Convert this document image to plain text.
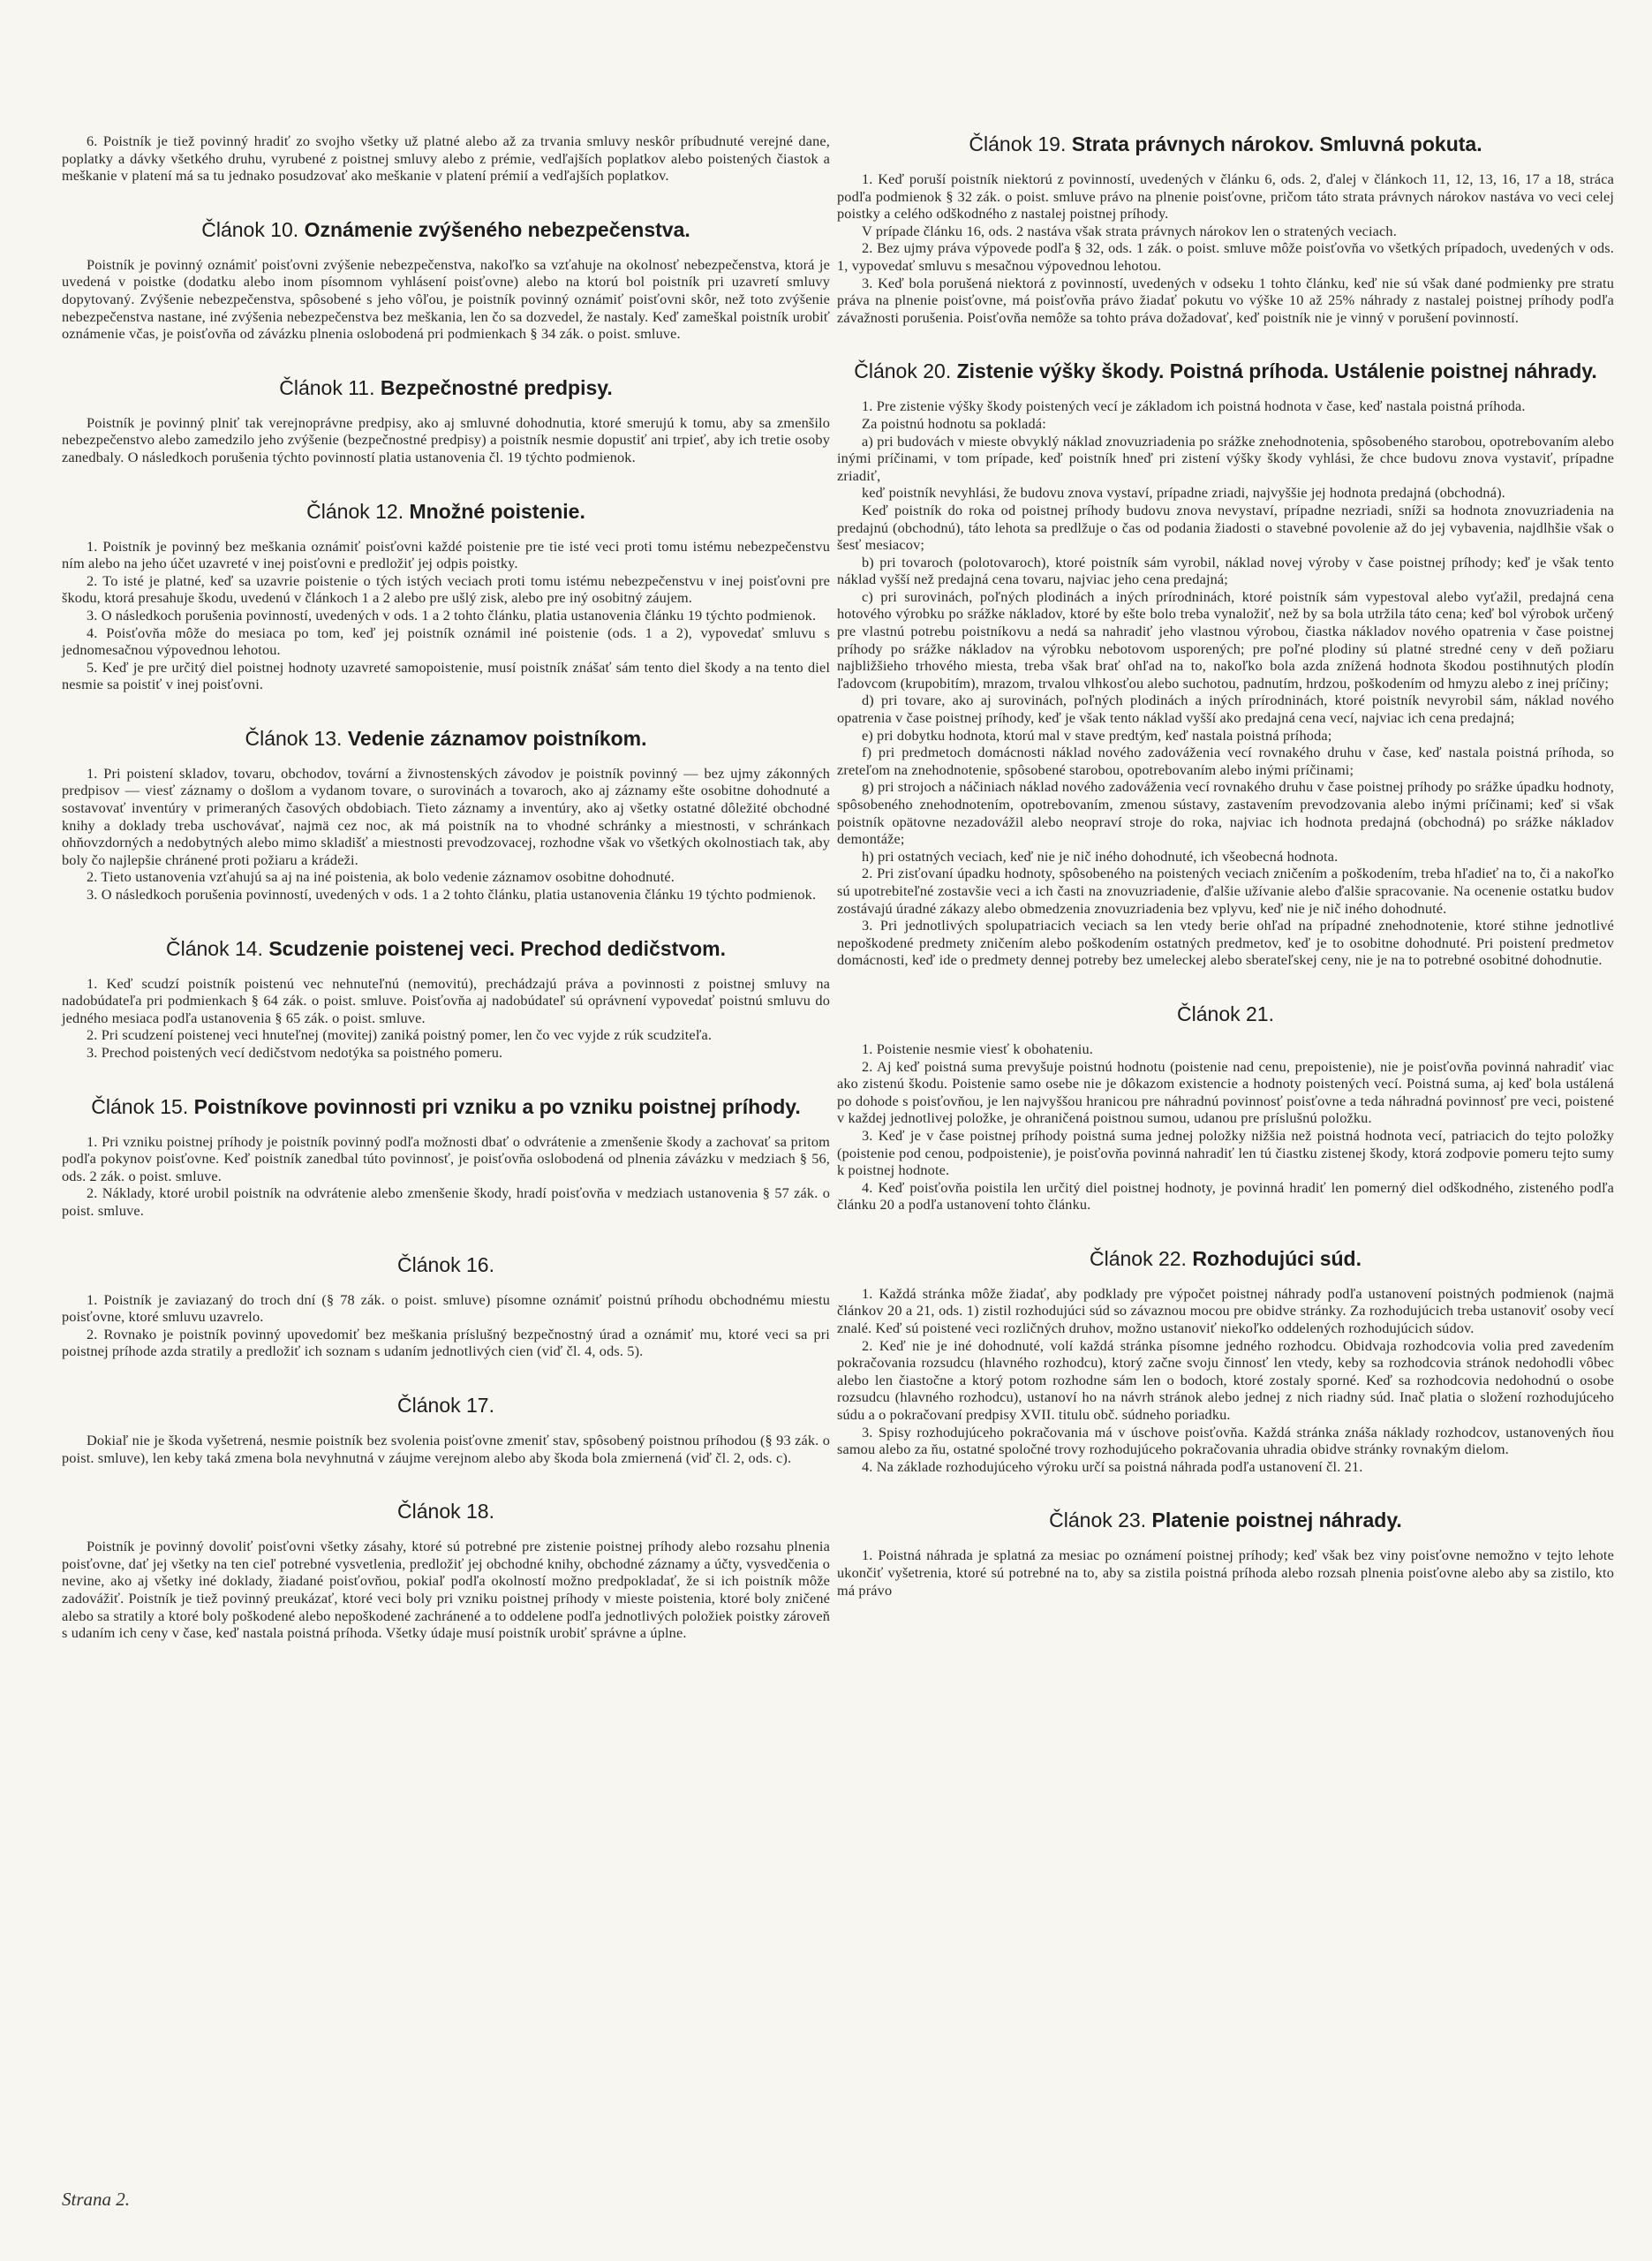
6. Poistník je tiež povinný hradiť zo svojho všetky už platné alebo až za trvania smluvy neskôr príbudnuté verejné dane, poplatky a dávky všetkého druhu, vyrubené z poistnej smluvy alebo z prémie, vedľajších poplatkov alebo poistených čiastok a meškanie v platení má sa tu jednako posudzovať ako meškanie v platení prémií a vedľajších poplatkov.

Článok 10. Oznámenie zvýšeného nebezpečenstva.

Poistník je povinný oznámiť poisťovni zvýšenie nebezpečenstva, nakoľko sa vzťahuje na okolnosť nebezpečenstva, ktorá je uvedená v poistke (dodatku alebo inom písomnom vyhlásení poisťovne) alebo na ktorú bol poistník pri uzavretí smluvy dopytovaný. Zvýšenie nebezpečenstva, spôsobené s jeho vôľou, je poistník povinný oznámiť poisťovni skôr, než toto zvýšenie nebezpečenstva nastane, iné zvýšenia nebezpečenstva bez meškania, len čo sa dozvedel, že nastaly. Keď zameškal poistník urobiť oznámenie včas, je poisťovňa od závázku plnenia oslobodená pri podmienkach § 34 zák. o poist. smluve.

Článok 11. Bezpečnostné predpisy.

Poistník je povinný plniť tak verejnoprávne predpisy, ako aj smluvné dohodnutia, ktoré smerujú k tomu, aby sa zmenšilo nebezpečenstvo alebo zamedzilo jeho zvýšenie (bezpečnostné predpisy) a poistník nesmie dopustiť ani trpieť, aby ich tretie osoby zanedbaly. O následkoch porušenia týchto povinností platia ustanovenia čl. 19 týchto podmienok.

Článok 12. Množné poistenie.

1. Poistník je povinný bez meškania oznámiť poisťovni každé poistenie pre tie isté veci proti tomu istému nebezpečenstvu ním alebo na jeho účet uzavreté v inej poisťovni e predložiť jej odpis poistky.

2. To isté je platné, keď sa uzavrie poistenie o tých istých veciach proti tomu istému nebezpečenstvu v inej poisťovni pre škodu, ktorá presahuje škodu, uvedenú v článkoch 1 a 2 alebo pre ušlý zisk, alebo pre iný osobitný záujem.

3. O následkoch porušenia povinností, uvedených v ods. 1 a 2 tohto článku, platia ustanovenia článku 19 týchto podmienok.

4. Poisťovňa môže do mesiaca po tom, keď jej poistník oznámil iné poistenie (ods. 1 a 2), vypovedať smluvu s jednomesačnou výpovednou lehotou.

5. Keď je pre určitý diel poistnej hodnoty uzavreté samopoistenie, musí poistník znášať sám tento diel škody a na tento diel nesmie sa poistiť v inej poisťovni.

Článok 13. Vedenie záznamov poistníkom.

1. Pri poistení skladov, tovaru, obchodov, tovární a živnostenských závodov je poistník povinný — bez ujmy zákonných predpisov — viesť záznamy o došlom a vydanom tovare, o surovinách a tovaroch, ako aj záznamy ešte osobitne dohodnuté a sostavovať inventúry v primeraných časových obdobiach. Tieto záznamy a inventúry, ako aj všetky ostatné dôležité obchodné knihy a doklady treba uschovávať, najmä cez noc, ak má poistník na to vhodné schránky a miestnosti, v schránkach ohňovzdorných a nedobytných alebo mimo skladišť a miestnosti prevodzovacej, rozhodne však vo všetkých okolnostiach tak, aby boly čo najlepšie chránené proti požiaru a krádeži.

2. Tieto ustanovenia vzťahujú sa aj na iné poistenia, ak bolo vedenie záznamov osobitne dohodnuté.

3. O následkoch porušenia povinností, uvedených v ods. 1 a 2 tohto článku, platia ustanovenia článku 19 týchto podmienok.

Článok 14. Scudzenie poistenej veci. Prechod dedičstvom.

1. Keď scudzí poistník poistenú vec nehnuteľnú (nemovitú), prechádzajú práva a povinnosti z poistnej smluvy na nadobúdateľa pri podmienkach § 64 zák. o poist. smluve. Poisťovňa aj nadobúdateľ sú oprávnení vypovedať poistnú smluvu do jedného mesiaca podľa ustanovenia § 65 zák. o poist. smluve.

2. Pri scudzení poistenej veci hnuteľnej (movitej) zaniká poistný pomer, len čo vec vyjde z rúk scudziteľa.

3. Prechod poistených vecí dedičstvom nedotýka sa poistného pomeru.

Článok 15. Poistníkove povinnosti pri vzniku a po vzniku poistnej príhody.

1. Pri vzniku poistnej príhody je poistník povinný podľa možnosti dbať o odvrátenie a zmenšenie škody a zachovať sa pritom podľa pokynov poisťovne. Keď poistník zanedbal túto povinnosť, je poisťovňa oslobodená od plnenia závázku v medziach § 56, ods. 2 zák. o poist. smluve.

2. Náklady, ktoré urobil poistník na odvrátenie alebo zmenšenie škody, hradí poisťovňa v medziach ustanovenia § 57 zák. o poist. smluve.

Článok 16.

1. Poistník je zaviazaný do troch dní (§ 78 zák. o poist. smluve) písomne oznámiť poistnú príhodu obchodnému miestu poisťovne, ktoré smluvu uzavrelo.

2. Rovnako je poistník povinný upovedomiť bez meškania príslušný bezpečnostný úrad a oznámiť mu, ktoré veci sa pri poistnej príhode azda stratily a predložiť ich soznam s udaním jednotlivých cien (viď čl. 4, ods. 5).

Článok 17.

Dokiaľ nie je škoda vyšetrená, nesmie poistník bez svolenia poisťovne zmeniť stav, spôsobený poistnou príhodou (§ 93 zák. o poist. smluve), len keby taká zmena bola nevyhnutná v záujme verejnom alebo aby škoda bola zmiernená (viď čl. 2, ods. c).

Článok 18.

Poistník je povinný dovoliť poisťovni všetky zásahy, ktoré sú potrebné pre zistenie poistnej príhody alebo rozsahu plnenia poisťovne, dať jej všetky na ten cieľ potrebné vysvetlenia, predložiť jej obchodné knihy, obchodné záznamy a účty, vysvedčenia o nevine, ako aj všetky iné doklady, žiadané poisťovňou, pokiaľ podľa okolností možno predpokladať, že si ich poistník môže zadovážiť. Poistník je tiež povinný preukázať, ktoré veci boly pri vzniku poistnej príhody v mieste poistenia, ktoré boly zničené alebo sa stratily a ktoré boly poškodené alebo nepoškodené zachránené a to oddelene podľa jednotlivých položiek poistky zároveň s udaním ich ceny v čase, keď nastala poistná príhoda. Všetky údaje musí poistník urobiť správne a úplne.

Článok 19. Strata právnych nárokov. Smluvná pokuta.

1. Keď poruší poistník niektorú z povinností, uvedených v článku 6, ods. 2, ďalej v článkoch 11, 12, 13, 16, 17 a 18, stráca podľa podmienok § 32 zák. o poist. smluve právo na plnenie poisťovne, pričom táto strata právnych nárokov nastáva vo veci celej poistky a celého odškodného z nastalej poistnej príhody.

V prípade článku 16, ods. 2 nastáva však strata právnych nárokov len o stratených veciach.

2. Bez ujmy práva výpovede podľa § 32, ods. 1 zák. o poist. smluve môže poisťovňa vo všetkých prípadoch, uvedených v ods. 1, vypovedať smluvu s mesačnou výpovednou lehotou.

3. Keď bola porušená niektorá z povinností, uvedených v odseku 1 tohto článku, keď nie sú však dané podmienky pre stratu práva na plnenie poisťovne, má poisťovňa právo žiadať pokutu vo výške 10 až 25% náhrady z nastalej poistnej príhody podľa závažnosti porušenia. Poisťovňa nemôže sa tohto práva dožadovať, keď poistník nie je vinný v porušení povinností.

Článok 20. Zistenie výšky škody. Poistná príhoda. Ustálenie poistnej náhrady.

1. Pre zistenie výšky škody poistených vecí je základom ich poistná hodnota v čase, keď nastala poistná príhoda.

Za poistnú hodnotu sa pokladá:

a) pri budovách v mieste obvyklý náklad znovuzriadenia po srážke znehodnotenia, spôsobeného starobou, opotrebovaním alebo inými príčinami, v tom prípade, keď poistník hneď pri zistení výšky škody vyhlási, že chce budovu znova vystaviť, prípadne zriadiť,

keď poistník nevyhlási, že budovu znova vystaví, prípadne zriadi, najvyššie jej hodnota predajná (obchodná).

Keď poistník do roka od poistnej príhody budovu znova nevystaví, prípadne nezriadi, sníži sa hodnota znovuzriadenia na predajnú (obchodnú), táto lehota sa predlžuje o čas od podania žiadosti o stavebné povolenie až do jej vybavenia, najdlhšie však o šesť mesiacov;

b) pri tovaroch (polotovaroch), ktoré poistník sám vyrobil, náklad novej výroby v čase poistnej príhody; keď je však tento náklad vyšší než predajná cena tovaru, najviac jeho cena predajná;

c) pri surovinách, poľných plodinách a iných prírodninách, ktoré poistník sám vypestoval alebo vyťažil, predajná cena hotového výrobku po srážke nákladov, ktoré by ešte bolo treba vynaložiť, než by sa bola utržila táto cena; keď bol výrobok určený pre vlastnú potrebu poistníkovu a nedá sa nahradiť jeho vlastnou výrobou, čiastka nákladov nového opatrenia v čase poistnej príhody po srážke nákladov na výrobku nebotovom usporených; pre poľné plodiny sú platné stredné ceny v deň požiaru najbližšieho trhového miesta, treba však brať ohľad na to, nakoľko bola azda znížená hodnota škodou postihnutých plodín ľadovcom (krupobitím), mrazom, trvalou vlhkosťou alebo suchotou, padnutím, hrdzou, poškodením od hmyzu alebo z inej príčiny;

d) pri tovare, ako aj surovinách, poľných plodinách a iných prírodninách, ktoré poistník nevyrobil sám, náklad nového opatrenia v čase poistnej príhody, keď je však tento náklad vyšší ako predajná cena vecí, najviac ich cena predajná;

e) pri dobytku hodnota, ktorú mal v stave predtým, keď nastala poistná príhoda;

f) pri predmetoch domácnosti náklad nového zadováženia vecí rovnakého druhu v čase, keď nastala poistná príhoda, so zreteľom na znehodnotenie, spôsobené starobou, opotrebovaním alebo inými príčinami;

g) pri strojoch a náčiniach náklad nového zadováženia vecí rovnakého druhu v čase poistnej príhody po srážke úpadku hodnoty, spôsobeného znehodnotením, opotrebovaním, zmenou sústavy, zastavením prevodzovania alebo inými príčinami; keď si však poistník opätovne nezadovážil alebo neopraví stroje do roka, najviac ich hodnota predajná (obchodná) po srážke nákladov demontáže;

h) pri ostatných veciach, keď nie je nič iného dohodnuté, ich všeobecná hodnota.

2. Pri zisťovaní úpadku hodnoty, spôsobeného na poistených veciach zničením a poškodením, treba hľadieť na to, či a nakoľko sú upotrebiteľné zostavšie veci a ich časti na znovuzriadenie, ďalšie užívanie alebo ďalšie spracovanie. Na ocenenie ostatku budov zostávajú úradné zákazy alebo obmedzenia znovuzriadenia bez vplyvu, keď nie je nič iného dohodnuté.

3. Pri jednotlivých spolupatriacich veciach sa len vtedy berie ohľad na prípadné znehodnotenie, ktoré stihne jednotlivé nepoškodené predmety zničením alebo poškodením ostatných predmetov, keď je to osobitne dohodnuté. Pri poistení predmetov domácnosti, keď ide o predmety dennej potreby bez umeleckej alebo sberateľskej ceny, nie je na to potrebné osobitné dohodnutie.

Článok 21.

1. Poistenie nesmie viesť k obohateniu.

2. Aj keď poistná suma prevyšuje poistnú hodnotu (poistenie nad cenu, prepoistenie), nie je poisťovňa povinná nahradiť viac ako zistenú škodu. Poistenie samo osebe nie je dôkazom existencie a hodnoty poistených vecí. Poistná suma, aj keď bola ustálená po dohode s poisťovňou, je len najvyššou hranicou pre náhradnú povinnosť poisťovne a teda náhradná povinnosť pre veci, poistené v každej jednotlivej položke, je ohraničená poistnou sumou, udanou pre príslušnú položku.

3. Keď je v čase poistnej príhody poistná suma jednej položky nižšia než poistná hodnota vecí, patriacich do tejto položky (poistenie pod cenou, podpoistenie), je poisťovňa povinná nahradiť len tú čiastku zistenej škody, ktorá zodpovie pomeru tejto sumy k poistnej hodnote.

4. Keď poisťovňa poistila len určitý diel poistnej hodnoty, je povinná hradiť len pomerný diel odškodného, zisteného podľa článku 20 a podľa ustanovení tohto článku.

Článok 22. Rozhodujúci súd.

1. Každá stránka môže žiadať, aby podklady pre výpočet poistnej náhrady podľa ustanovení poistných podmienok (najmä článkov 20 a 21, ods. 1) zistil rozhodujúci súd so závaznou mocou pre obidve stránky. Za rozhodujúcich treba ustanoviť osoby vecí znalé. Keď sú poistené veci rozličných druhov, možno ustanoviť niekoľko oddelených rozhodujúcich súdov.

2. Keď nie je iné dohodnuté, volí každá stránka písomne jedného rozhodcu. Obidvaja rozhodcovia volia pred zavedením pokračovania rozsudcu (hlavného rozhodcu), ktorý začne svoju činnosť len vtedy, keby sa rozhodcovia stránok nedohodli vôbec alebo len čiastočne a ktorý potom rozhodne sám len o bodoch, ktoré zostaly sporné. Keď sa rozhodcovia nedohodnú o osobe rozsudcu (hlavného rozhodcu), ustanoví ho na návrh stránok alebo jednej z nich riadny súd. Inač platia o složení rozhodujúceho súdu a o pokračovaní predpisy XVII. titulu obč. súdneho poriadku.

3. Spisy rozhodujúceho pokračovania má v úschove poisťovňa. Každá stránka znáša náklady rozhodcov, ustanovených ňou samou alebo za ňu, ostatné spoločné trovy rozhodujúceho pokračovania uhradia obidve stránky rovnakým dielom.

4. Na základe rozhodujúceho výroku určí sa poistná náhrada podľa ustanovení čl. 21.

Článok 23. Platenie poistnej náhrady.

1. Poistná náhrada je splatná za mesiac po oznámení poistnej príhody; keď však bez viny poisťovne nemožno v tejto lehote ukončiť vyšetrenia, ktoré sú potrebné na to, aby sa zistila poistná príhoda alebo rozsah plnenia poisťovne alebo aby sa zistilo, kto má právo

Strana 2.
